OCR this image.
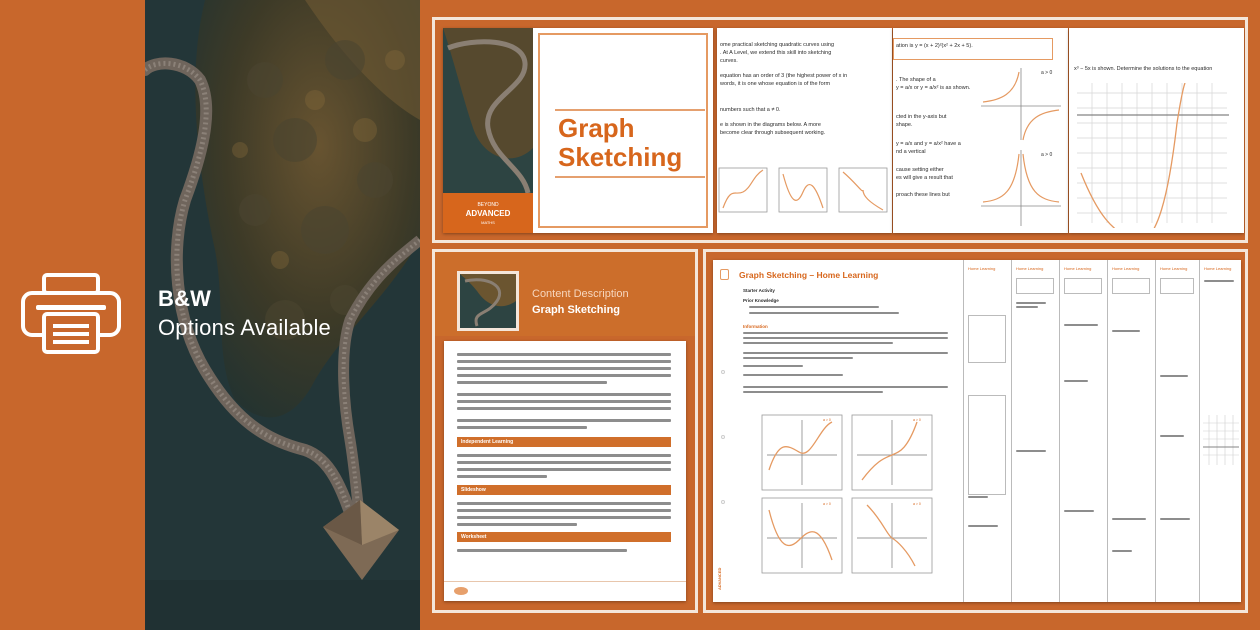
B&W
Options Available
BEYOND
ADVANCED
MATHS
Graph
Sketching
ome practical sketching quadratic curves using
. At A Level, we extend this skill into sketching
curves.
equation has an order of 3 (the highest power of x in
words, it is one whose equation is of the form
numbers such that a ≠ 0.
e is shown in the diagrams below. A more
become clear through subsequent working.
ation is y = (x + 2)²(x² + 2x + 5).
. The shape of a
y = a/x or y = a/x² is as shown.
cted in the y-axis but
shape.
y = a/x and y = a/x² have a
nd a vertical
cause setting either
es will give a result that
proach these lines but
a > 0
a > 0
x³ − 5x is shown. Determine the solutions to the equation
Content Description
Graph Sketching
Independent Learning
Slideshow
Worksheet
Graph Sketching – Home Learning
Starter Activity
Prior Knowledge
Information
a > 0	a > 0
a > 0	a > 0
ADVANCED
Home Learning	Home Learning	Home Learning	Home Learning	Home Learning	Home Learning
